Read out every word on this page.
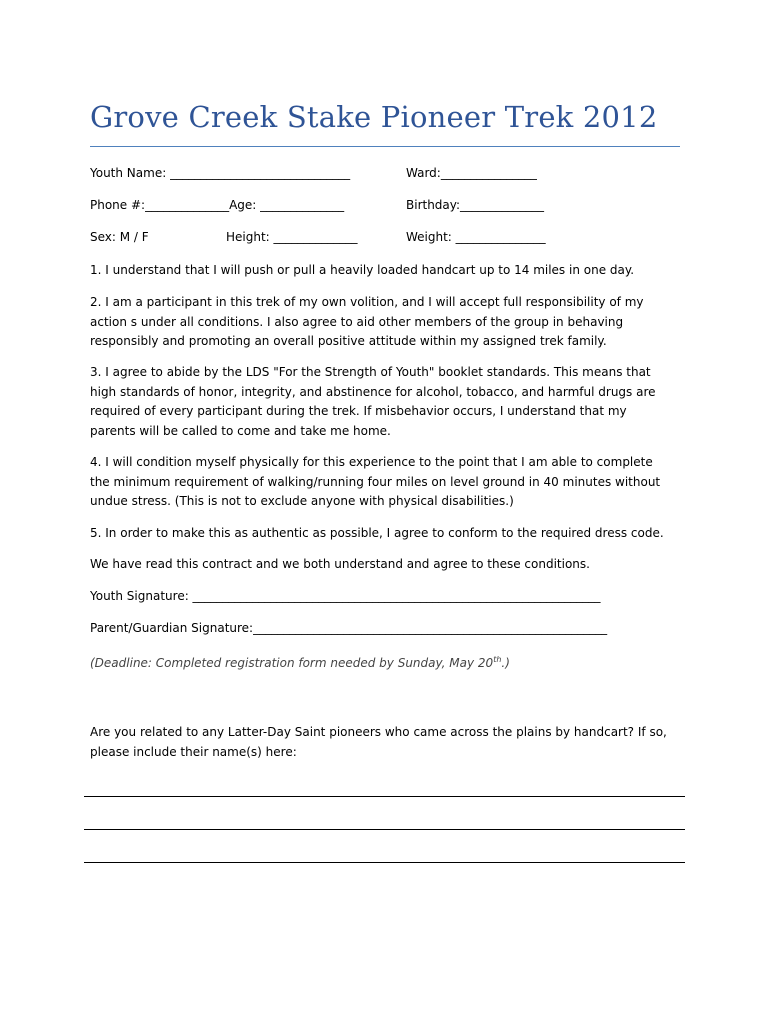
Grove Creek Stake Pioneer Trek 2012
Youth Name: ______________________________	Ward:________________
Phone #:______________Age: ______________	Birthday:______________
Sex: M / F	Height: ______________	Weight: _______________
1. I understand that I will push or pull a heavily loaded handcart up to 14 miles in one day.
2. I am a participant in this trek of my own volition, and I will accept full responsibility of my action s under all conditions. I also agree to aid other members of the group in behaving responsibly and promoting an overall positive attitude within my assigned trek family.
3. I agree to abide by the LDS "For the Strength of Youth" booklet standards. This means that high standards of honor, integrity, and abstinence for alcohol, tobacco, and harmful drugs are required of every participant during the trek. If misbehavior occurs, I understand that my parents will be called to come and take me home.
4. I will condition myself physically for this experience to the point that I am able to complete the minimum requirement of walking/running four miles on level ground in 40 minutes without undue stress. (This is not to exclude anyone with physical disabilities.)
5. In order to make this as authentic as possible, I agree to conform to the required dress code.
We have read this contract and we both understand and agree to these conditions.
Youth Signature: ____________________________________________________________________
Parent/Guardian Signature:___________________________________________________________
(Deadline: Completed registration form needed by Sunday, May 20th.)
Are you related to any Latter-Day Saint pioneers who came across the plains by handcart? If so, please include their name(s) here:
